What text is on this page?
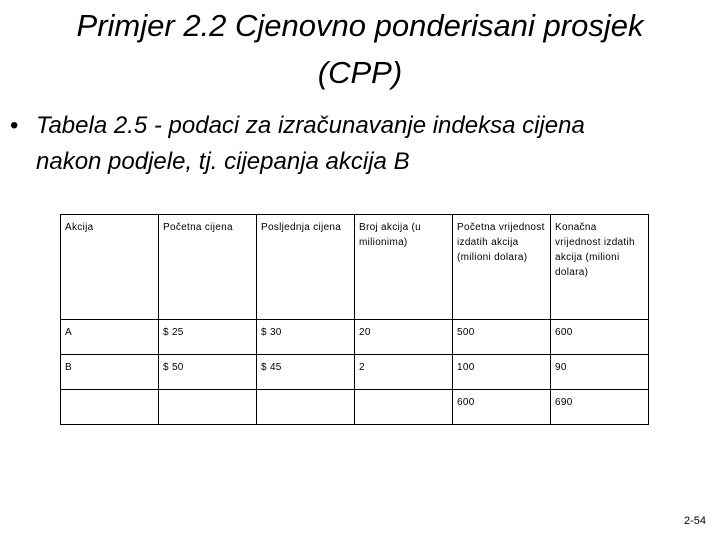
Primjer 2.2 Cjenovno ponderisani prosjek
(CPP)
• Tabela 2.5 - podaci za izračunavanje indeksa cijena
nakon podjele, tj. cijepanja akcija B
Akcija	Početna cijena	Posljednja cijena	Broj akcija (u milionima)	Početna vrijednost izdatih akcija (milioni dolara)	Konačna vrijednost izdatih akcija (milioni dolara)
A	$ 25	$ 30	20	500	600
B	$ 50	$ 45	2	100	90
				600	690
2-54
